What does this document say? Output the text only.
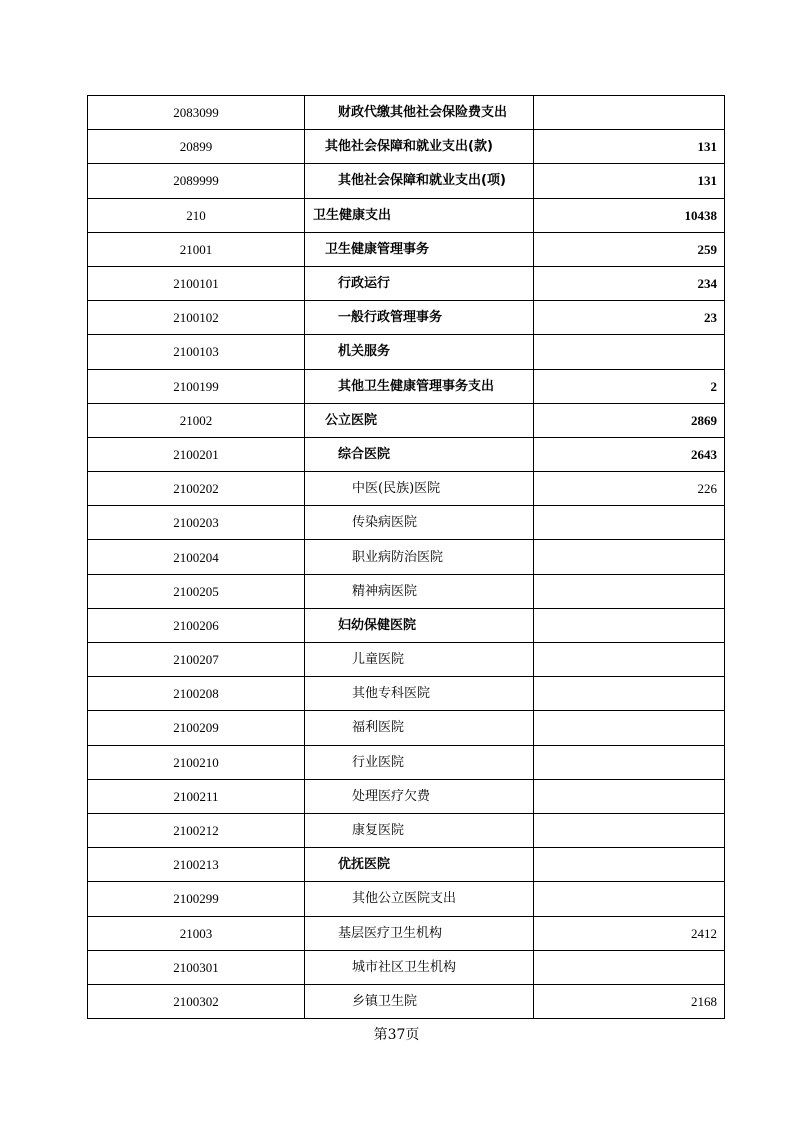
2083099	财政代缴其他社会保险费支出	
20899	其他社会保障和就业支出(款)	131
2089999	其他社会保障和就业支出(项)	131
210	卫生健康支出	10438
21001	卫生健康管理事务	259
2100101	行政运行	234
2100102	一般行政管理事务	23
2100103	机关服务	
2100199	其他卫生健康管理事务支出	2
21002	公立医院	2869
2100201	综合医院	2643
2100202	中医(民族)医院	226
2100203	传染病医院	
2100204	职业病防治医院	
2100205	精神病医院	
2100206	妇幼保健医院	
2100207	儿童医院	
2100208	其他专科医院	
2100209	福利医院	
2100210	行业医院	
2100211	处理医疗欠费	
2100212	康复医院	
2100213	优抚医院	
2100299	其他公立医院支出	
21003	基层医疗卫生机构	2412
2100301	城市社区卫生机构	
2100302	乡镇卫生院	2168
第37页
